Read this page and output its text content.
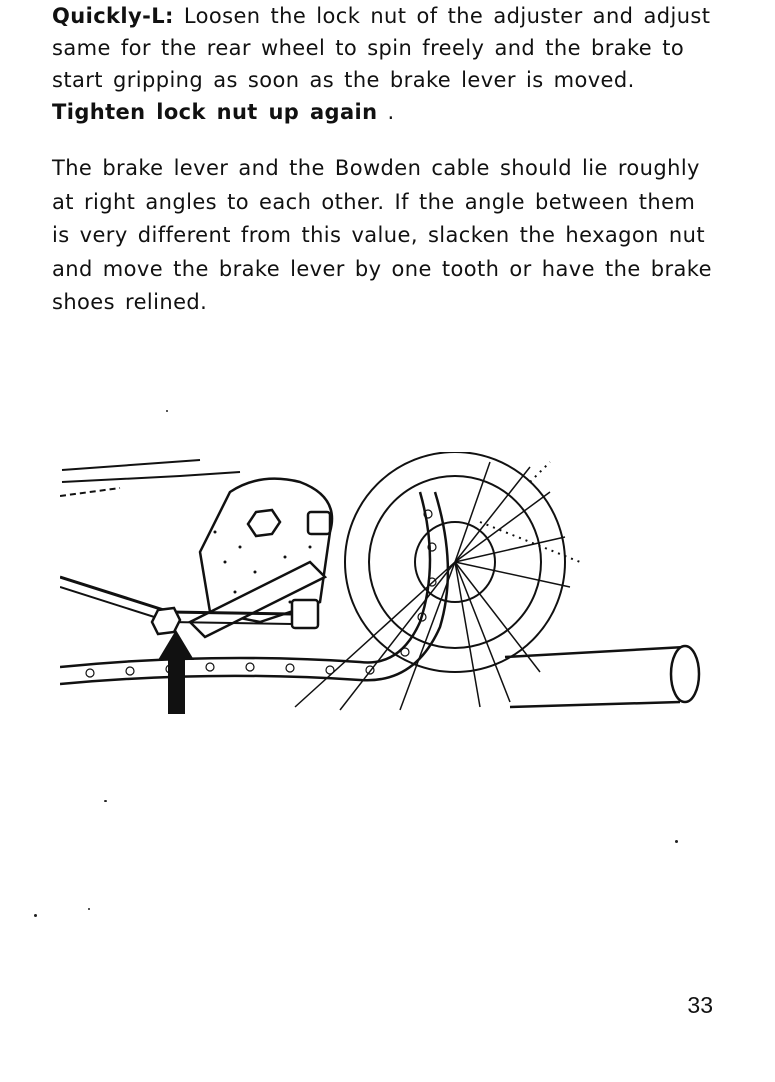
Quickly-L: Loosen the lock nut of the adjuster and adjust same for the rear wheel to spin freely and the brake to start gripping as soon as the brake lever is moved. Tighten lock nut up again .

The brake lever and the Bowden cable should lie roughly at right angles to each other. If the angle between them is very different from this value, slacken the hexagon nut and move the brake lever by one tooth or have the brake shoes relined.

33
